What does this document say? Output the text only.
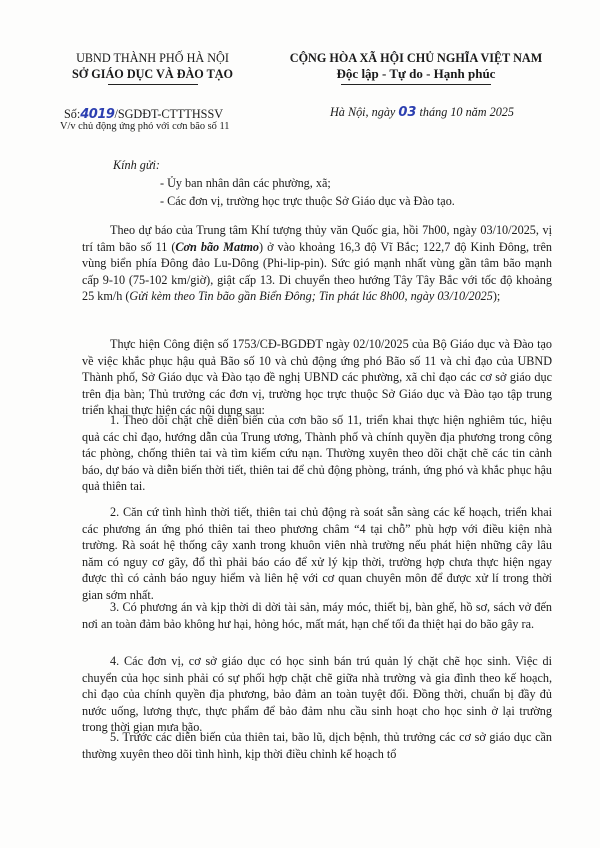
UBND THÀNH PHỐ HÀ NỘI
SỞ GIÁO DỤC VÀ ĐÀO TẠO
CỘNG HÒA XÃ HỘI CHỦ NGHĨA VIỆT NAM
Độc lập - Tự do - Hạnh phúc
Số:4019/SGDĐT-CTTTHSSV
V/v chủ động ứng phó với cơn bão số 11
Hà Nội, ngày 03 tháng 10 năm 2025
Kính gửi:
- Ủy ban nhân dân các phường, xã;
- Các đơn vị, trường học trực thuộc Sở Giáo dục và Đào tạo.
Theo dự báo của Trung tâm Khí tượng thủy văn Quốc gia, hồi 7h00, ngày 03/10/2025, vị trí tâm bão số 11 (Cơn bão Matmo) ở vào khoảng 16,3 độ Vĩ Bắc; 122,7 độ Kinh Đông, trên vùng biển phía Đông đảo Lu-Dông (Phi-lip-pin). Sức gió mạnh nhất vùng gần tâm bão mạnh cấp 9-10 (75-102 km/giờ), giật cấp 13. Di chuyển theo hướng Tây Tây Bắc với tốc độ khoảng 25 km/h (Gửi kèm theo Tin bão gần Biển Đông; Tin phát lúc 8h00, ngày 03/10/2025);
Thực hiện Công điện số 1753/CĐ-BGDĐT ngày 02/10/2025 của Bộ Giáo dục và Đào tạo về việc khắc phục hậu quả Bão số 10 và chủ động ứng phó Bão số 11 và chỉ đạo của UBND Thành phố, Sở Giáo dục và Đào tạo đề nghị UBND các phường, xã chỉ đạo các cơ sở giáo dục trên địa bàn; Thủ trưởng các đơn vị, trường học trực thuộc Sở Giáo dục và Đào tạo tập trung triển khai thực hiện các nội dung sau:
1. Theo dõi chặt chẽ diễn biến của cơn bão số 11, triển khai thực hiện nghiêm túc, hiệu quả các chỉ đạo, hướng dẫn của Trung ương, Thành phố và chính quyền địa phương trong công tác phòng, chống thiên tai và tìm kiếm cứu nạn. Thường xuyên theo dõi chặt chẽ các tin cảnh báo, dự báo và diễn biến thời tiết, thiên tai để chủ động phòng, tránh, ứng phó và khắc phục hậu quả thiên tai.
2. Căn cứ tình hình thời tiết, thiên tai chủ động rà soát sẵn sàng các kế hoạch, triển khai các phương án ứng phó thiên tai theo phương châm “4 tại chỗ” phù hợp với điều kiện nhà trường. Rà soát hệ thống cây xanh trong khuôn viên nhà trường nếu phát hiện những cây lâu năm có nguy cơ gãy, đổ thì phải báo cáo để xử lý kịp thời, trường hợp chưa thực hiện ngay được thì có cảnh báo nguy hiểm và liên hệ với cơ quan chuyên môn để được xử lí trong thời gian sớm nhất.
3. Có phương án và kịp thời di dời tài sản, máy móc, thiết bị, bàn ghế, hồ sơ, sách vở đến nơi an toàn đảm bảo không hư hại, hỏng hóc, mất mát, hạn chế tối đa thiệt hại do bão gây ra.
4. Các đơn vị, cơ sở giáo dục có học sinh bán trú quản lý chặt chẽ học sinh. Việc di chuyển của học sinh phải có sự phối hợp chặt chẽ giữa nhà trường và gia đình theo kế hoạch, chỉ đạo của chính quyền địa phương, bảo đảm an toàn tuyệt đối. Đồng thời, chuẩn bị đầy đủ nước uống, lương thực, thực phẩm để bảo đảm nhu cầu sinh hoạt cho học sinh ở lại trường trong thời gian mưa bão.
5. Trước các diễn biến của thiên tai, bão lũ, dịch bệnh, thủ trưởng các cơ sở giáo dục cần thường xuyên theo dõi tình hình, kịp thời điều chỉnh kế hoạch tổ
